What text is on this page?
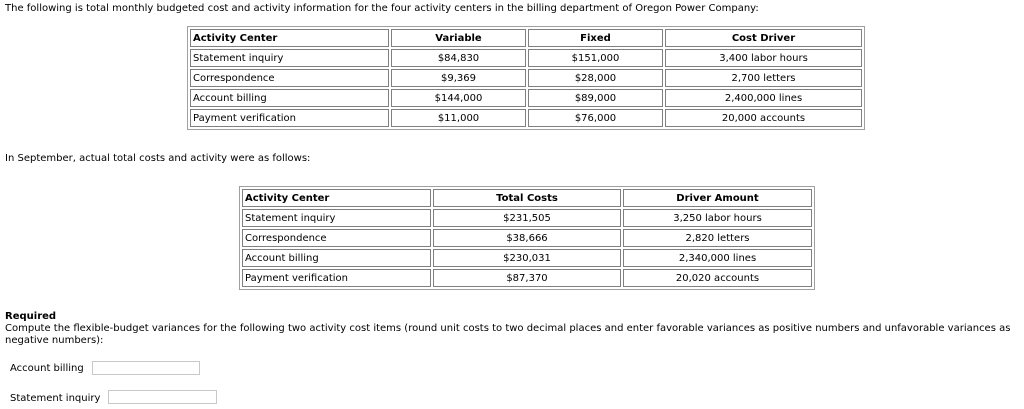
The following is total monthly budgeted cost and activity information for the four activity centers in the billing department of Oregon Power Company:
Activity Center	Variable	Fixed	Cost Driver
Statement inquiry	$84,830	$151,000	3,400 labor hours
Correspondence	$9,369	$28,000	2,700 letters
Account billing	$144,000	$89,000	2,400,000 lines
Payment verification	$11,000	$76,000	20,000 accounts
In September, actual total costs and activity were as follows:
Activity Center	Total Costs	Driver Amount
Statement inquiry	$231,505	3,250 labor hours
Correspondence	$38,666	2,820 letters
Account billing	$230,031	2,340,000 lines
Payment verification	$87,370	20,020 accounts
Required
Compute the flexible-budget variances for the following two activity cost items (round unit costs to two decimal places and enter favorable variances as positive numbers and unfavorable variances as negative numbers):
Account billing
Statement inquiry
